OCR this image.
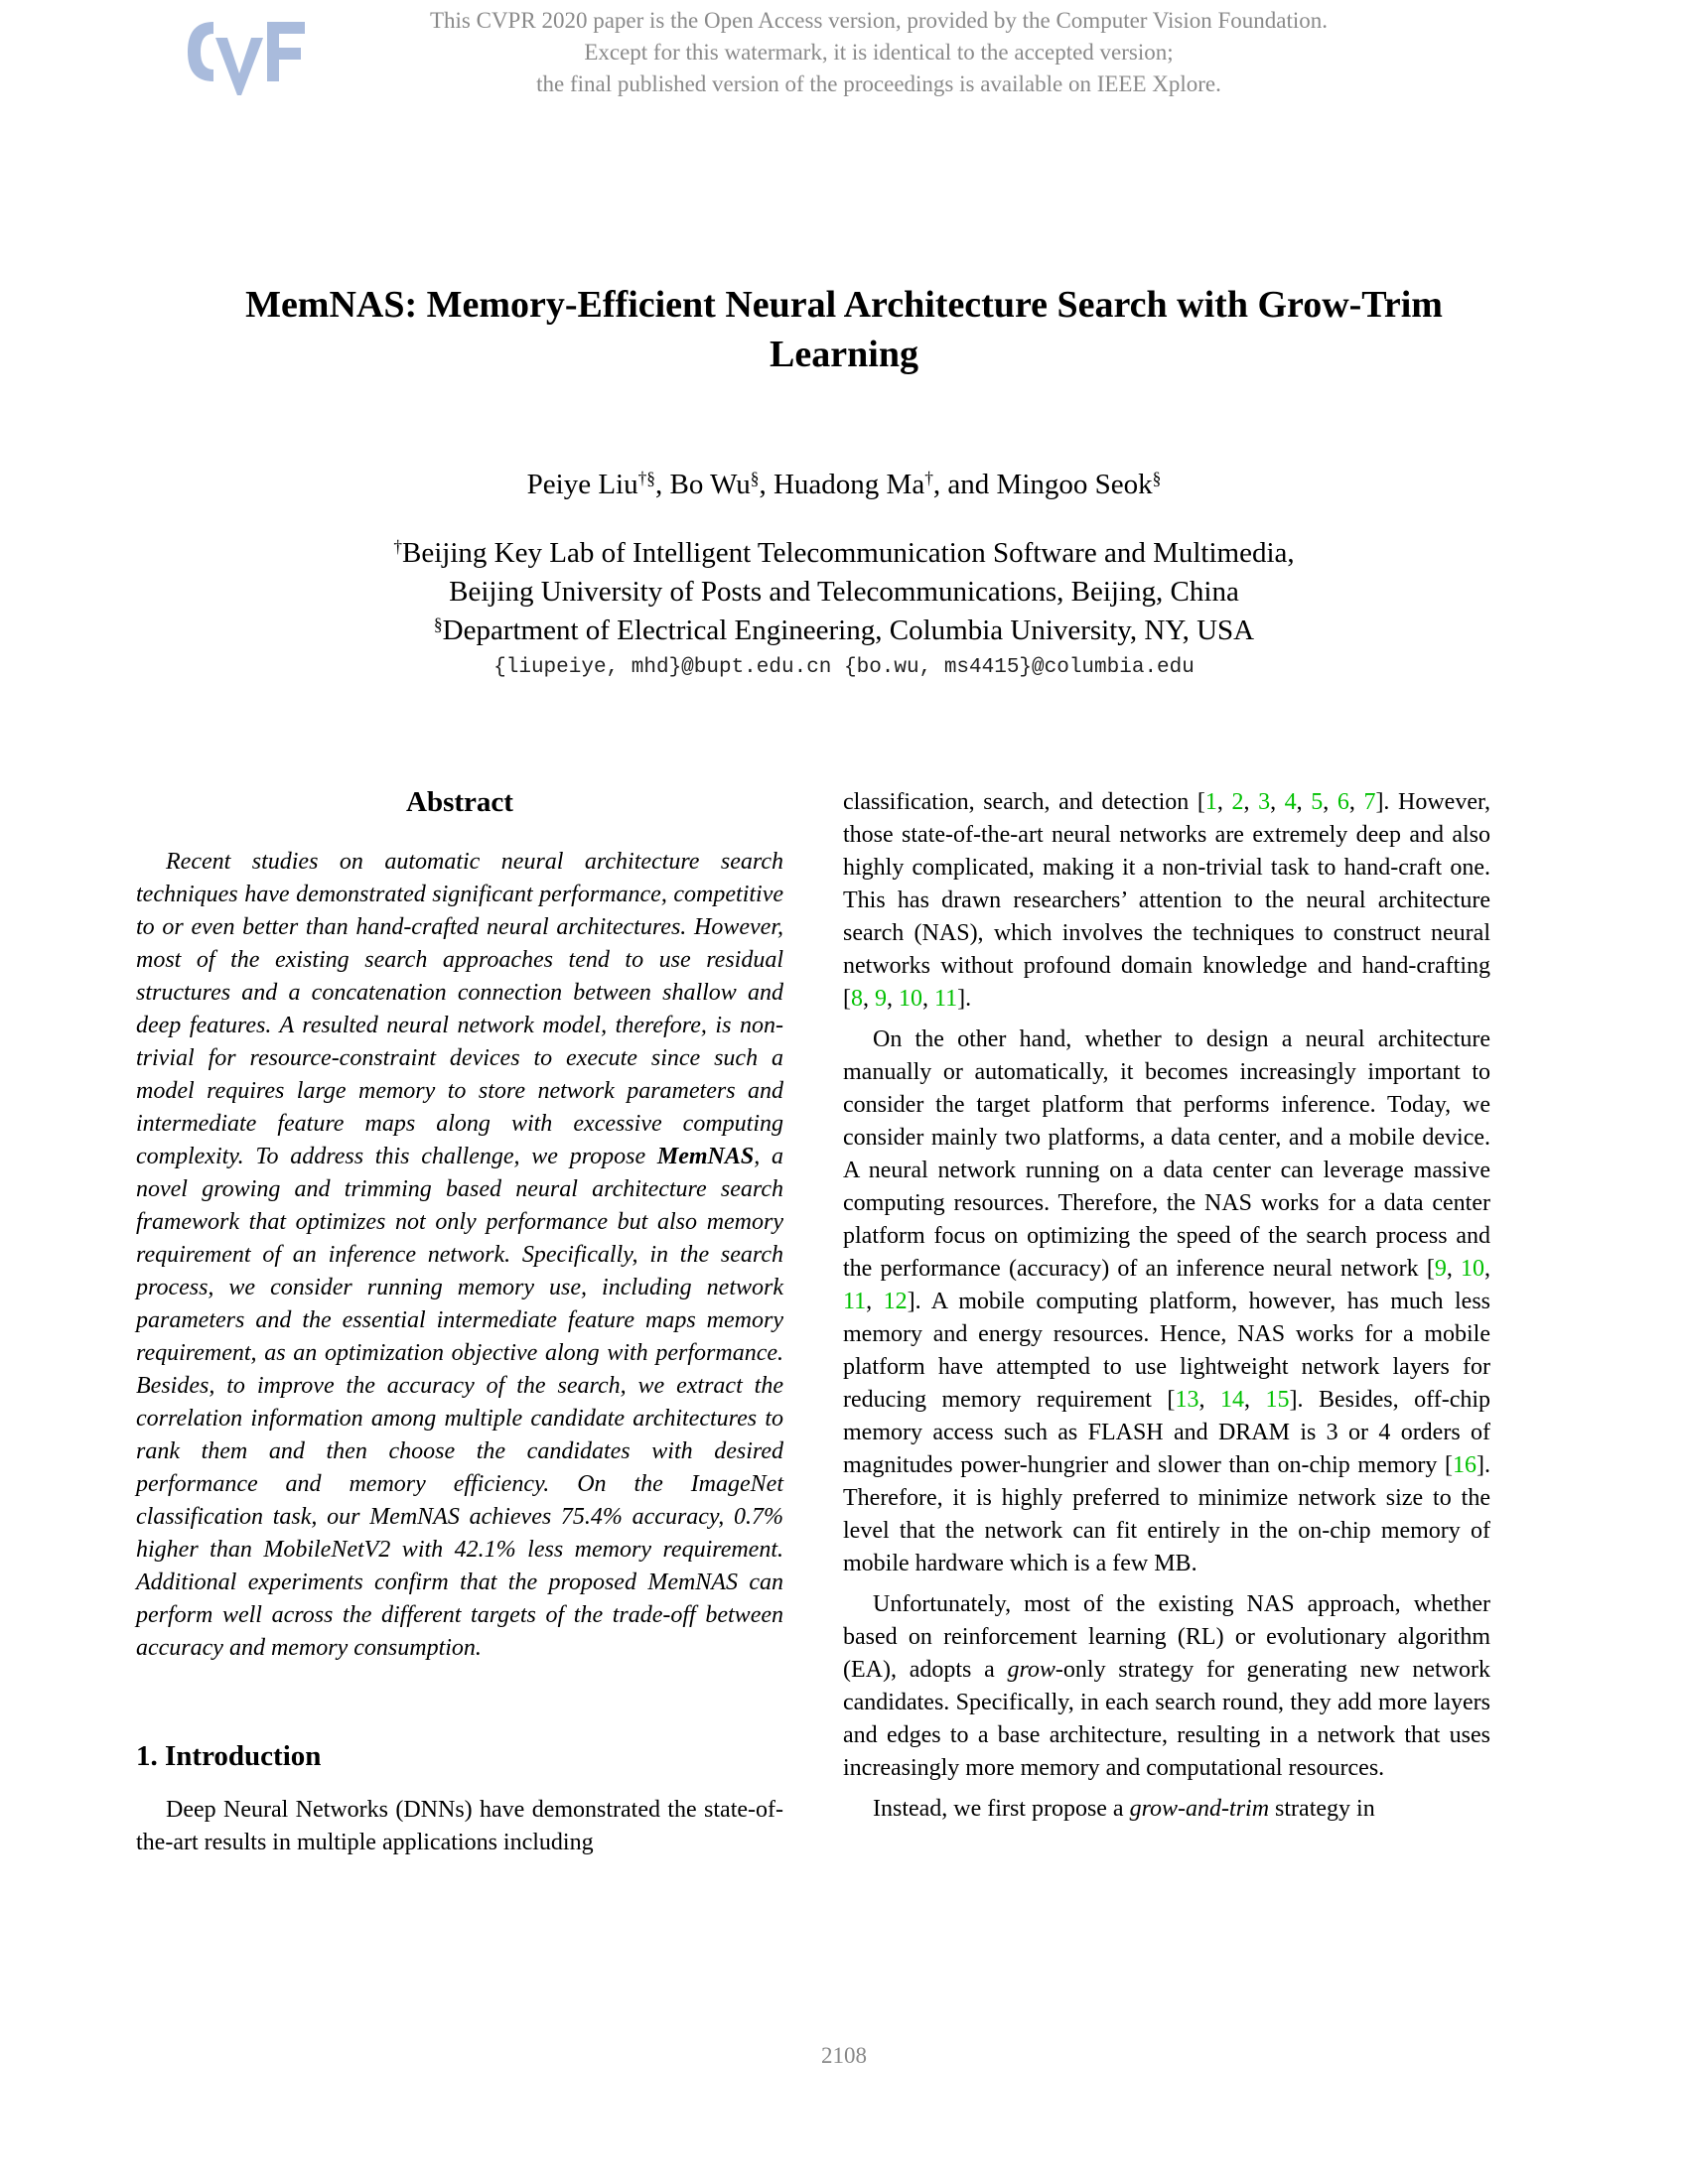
This CVPR 2020 paper is the Open Access version, provided by the Computer Vision Foundation.
Except for this watermark, it is identical to the accepted version;
the final published version of the proceedings is available on IEEE Xplore.
MemNAS: Memory-Efficient Neural Architecture Search with Grow-Trim
Learning
Peiye Liu†§, Bo Wu§, Huadong Ma†, and Mingoo Seok§
†Beijing Key Lab of Intelligent Telecommunication Software and Multimedia,
Beijing University of Posts and Telecommunications, Beijing, China
§Department of Electrical Engineering, Columbia University, NY, USA
{liupeiye, mhd}@bupt.edu.cn {bo.wu, ms4415}@columbia.edu
Abstract

Recent studies on automatic neural architecture search techniques have demonstrated significant performance, competitive to or even better than hand-crafted neural architectures. However, most of the existing search approaches tend to use residual structures and a concatenation connection between shallow and deep features. A resulted neural network model, therefore, is non-trivial for resource-constraint devices to execute since such a model requires large memory to store network parameters and intermediate feature maps along with excessive computing complexity. To address this challenge, we propose MemNAS, a novel growing and trimming based neural architecture search framework that optimizes not only performance but also memory requirement of an inference network. Specifically, in the search process, we consider running memory use, including network parameters and the essential intermediate feature maps memory requirement, as an optimization objective along with performance. Besides, to improve the accuracy of the search, we extract the correlation information among multiple candidate architectures to rank them and then choose the candidates with desired performance and memory efficiency. On the ImageNet classification task, our MemNAS achieves 75.4% accuracy, 0.7% higher than MobileNetV2 with 42.1% less memory requirement. Additional experiments confirm that the proposed MemNAS can perform well across the different targets of the trade-off between accuracy and memory consumption.

1. Introduction

Deep Neural Networks (DNNs) have demonstrated the state-of-the-art results in multiple applications including

classification, search, and detection [1, 2, 3, 4, 5, 6, 7]. However, those state-of-the-art neural networks are extremely deep and also highly complicated, making it a non-trivial task to hand-craft one. This has drawn researchers’ attention to the neural architecture search (NAS), which involves the techniques to construct neural networks without profound domain knowledge and hand-crafting [8, 9, 10, 11].

On the other hand, whether to design a neural architecture manually or automatically, it becomes increasingly important to consider the target platform that performs inference. Today, we consider mainly two platforms, a data center, and a mobile device. A neural network running on a data center can leverage massive computing resources. Therefore, the NAS works for a data center platform focus on optimizing the speed of the search process and the performance (accuracy) of an inference neural network [9, 10, 11, 12]. A mobile computing platform, however, has much less memory and energy resources. Hence, NAS works for a mobile platform have attempted to use lightweight network layers for reducing memory requirement [13, 14, 15]. Besides, off-chip memory access such as FLASH and DRAM is 3 or 4 orders of magnitudes power-hungrier and slower than on-chip memory [16]. Therefore, it is highly preferred to minimize network size to the level that the network can fit entirely in the on-chip memory of mobile hardware which is a few MB.

Unfortunately, most of the existing NAS approach, whether based on reinforcement learning (RL) or evolutionary algorithm (EA), adopts a grow-only strategy for generating new network candidates. Specifically, in each search round, they add more layers and edges to a base architecture, resulting in a network that uses increasingly more memory and computational resources.

Instead, we first propose a grow-and-trim strategy in

2108
